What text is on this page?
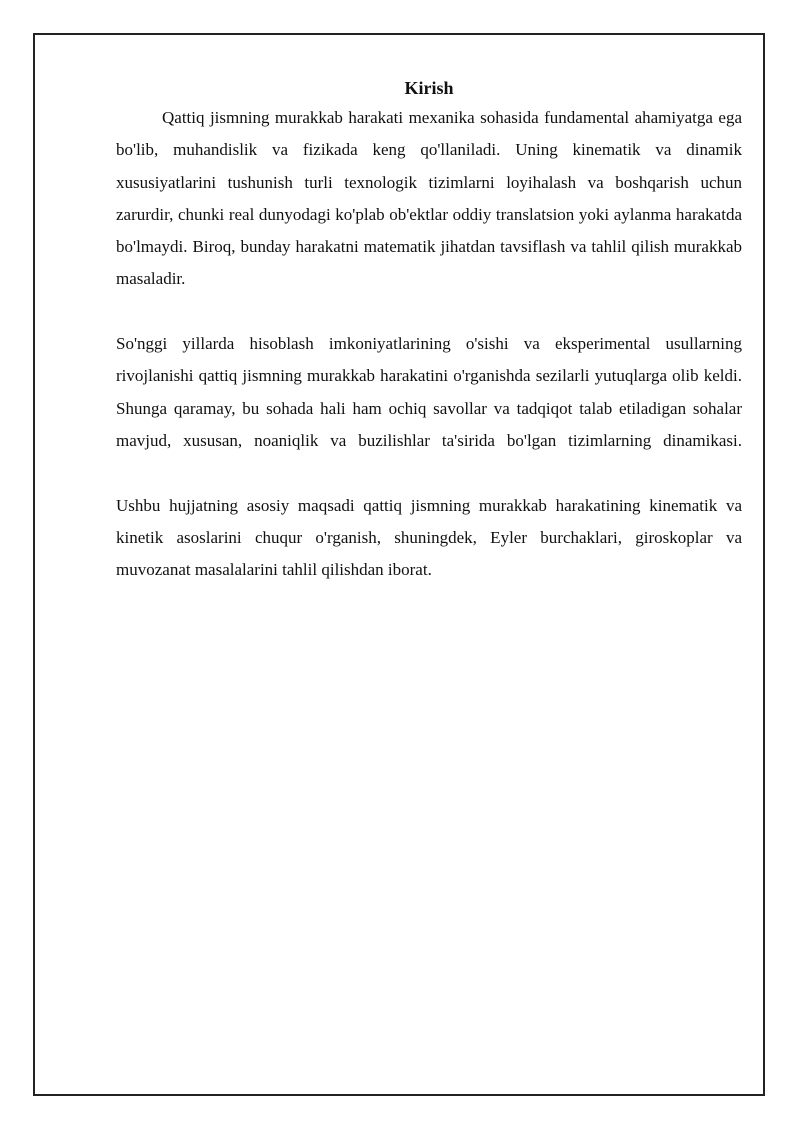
Kirish

Qattiq jismning murakkab harakati mexanika sohasida fundamental ahamiyatga ega bo'lib, muhandislik va fizikada keng qo'llaniladi. Uning kinematik va dinamik xususiyatlarini tushunish turli texnologik tizimlarni loyihalash va boshqarish uchun zarurdir, chunki real dunyodagi ko'plab ob'ektlar oddiy translatsion yoki aylanma harakatda bo'lmaydi. Biroq, bunday harakatni matematik jihatdan tavsiflash va tahlil qilish murakkab masaladir.

So'nggi yillarda hisoblash imkoniyatlarining o'sishi va eksperimental usullarning rivojlanishi qattiq jismning murakkab harakatini o'rganishda sezilarli yutuqlarga olib keldi. Shunga qaramay, bu sohada hali ham ochiq savollar va tadqiqot talab etiladigan sohalar mavjud, xususan, noaniqlik va buzilishlar ta'sirida bo'lgan tizimlarning dinamikasi.

Ushbu hujjatning asosiy maqsadi qattiq jismning murakkab harakatining kinematik va kinetik asoslarini chuqur o'rganish, shuningdek, Eyler burchaklari, giroskoplar va muvozanat masalalarini tahlil qilishdan iborat.
